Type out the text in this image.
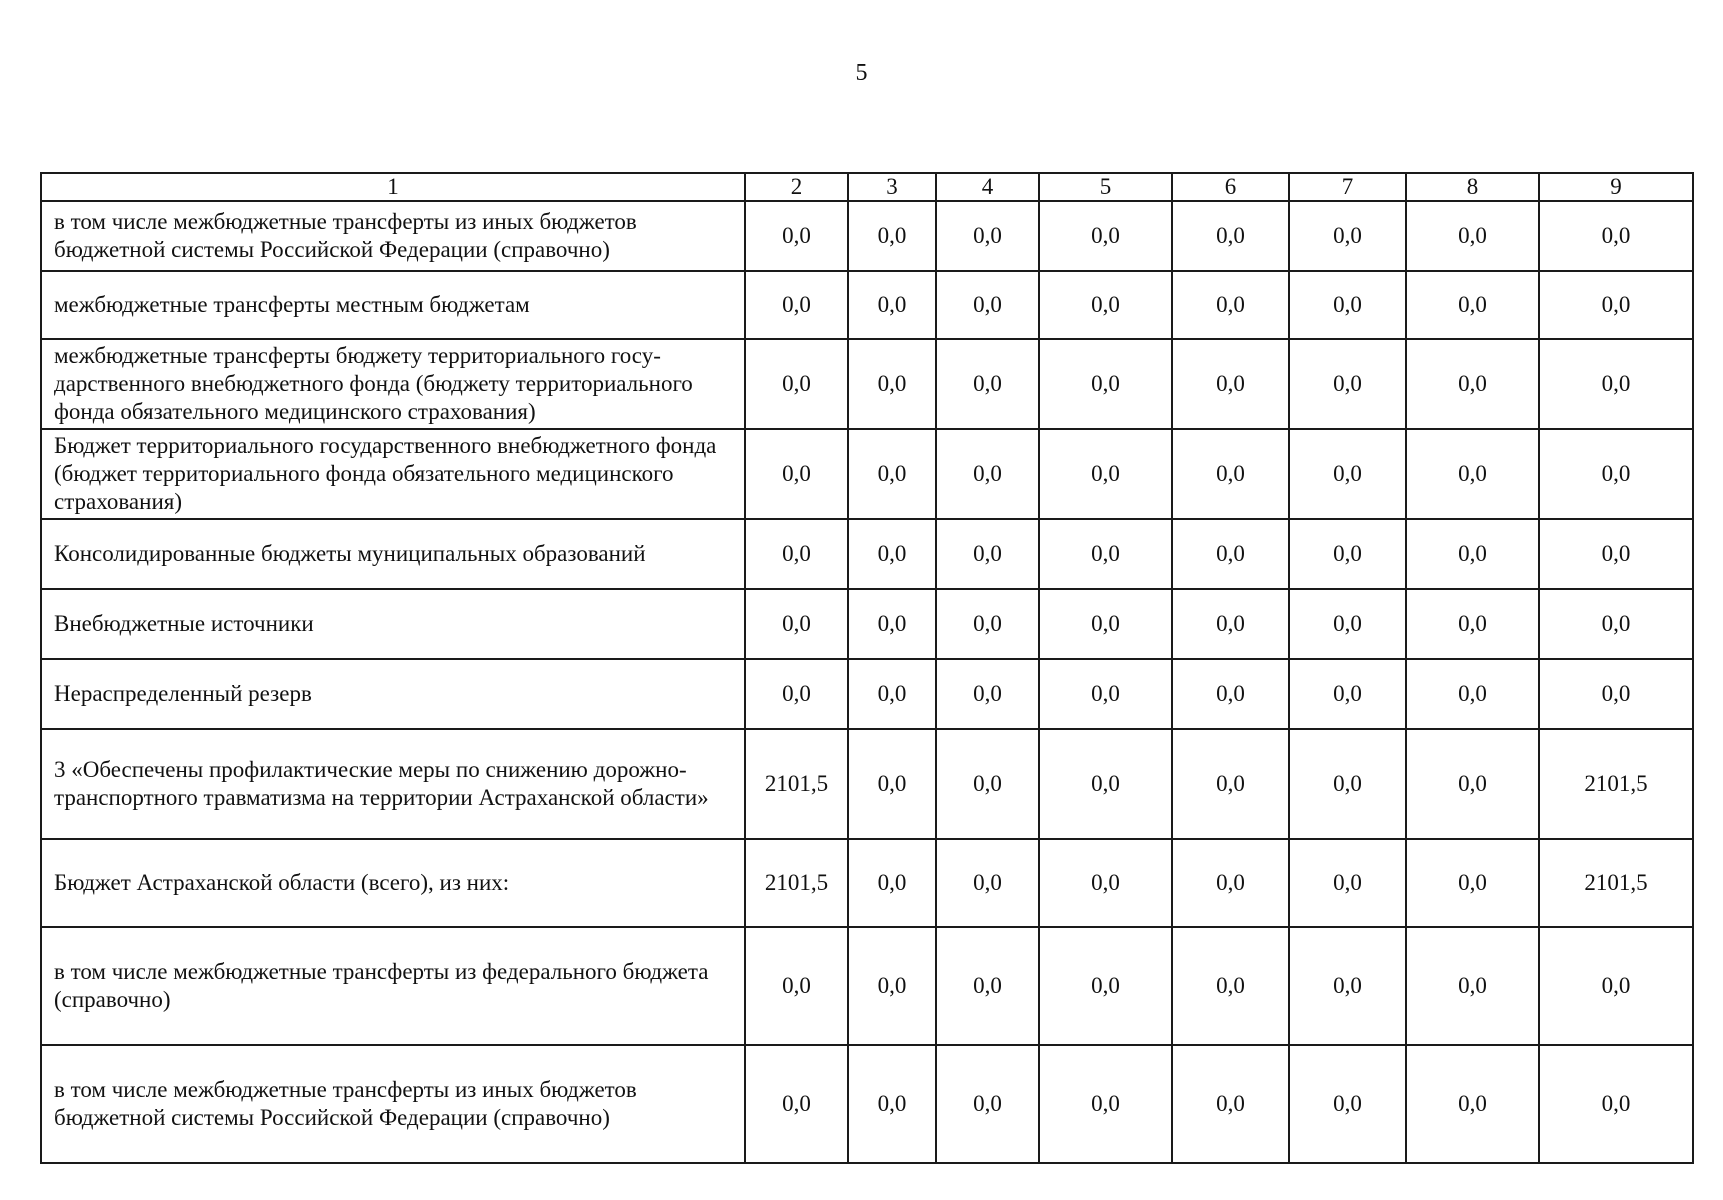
5
1	2	3	4	5	6	7	8	9
в том числе межбюджетные трансферты из иных бюджетов бюджетной системы Российской Федерации (справочно)	0,0	0,0	0,0	0,0	0,0	0,0	0,0	0,0
межбюджетные трансферты местным бюджетам	0,0	0,0	0,0	0,0	0,0	0,0	0,0	0,0
межбюджетные трансферты бюджету территориального государственного внебюджетного фонда (бюджету территориального фонда обязательного медицинского страхования)	0,0	0,0	0,0	0,0	0,0	0,0	0,0	0,0
Бюджет территориального государственного внебюджетного фонда (бюджет территориального фонда обязательного медицинского страхования)	0,0	0,0	0,0	0,0	0,0	0,0	0,0	0,0
Консолидированные бюджеты муниципальных образований	0,0	0,0	0,0	0,0	0,0	0,0	0,0	0,0
Внебюджетные источники	0,0	0,0	0,0	0,0	0,0	0,0	0,0	0,0
Нераспределенный резерв	0,0	0,0	0,0	0,0	0,0	0,0	0,0	0,0
3 «Обеспечены профилактические меры по снижению дорожно-транспортного травматизма на территории Астраханской области»	2101,5	0,0	0,0	0,0	0,0	0,0	0,0	2101,5
Бюджет Астраханской области (всего), из них:	2101,5	0,0	0,0	0,0	0,0	0,0	0,0	2101,5
в том числе межбюджетные трансферты из федерального бюджета (справочно)	0,0	0,0	0,0	0,0	0,0	0,0	0,0	0,0
в том числе межбюджетные трансферты из иных бюджетов бюджетной системы Российской Федерации (справочно)	0,0	0,0	0,0	0,0	0,0	0,0	0,0	0,0
